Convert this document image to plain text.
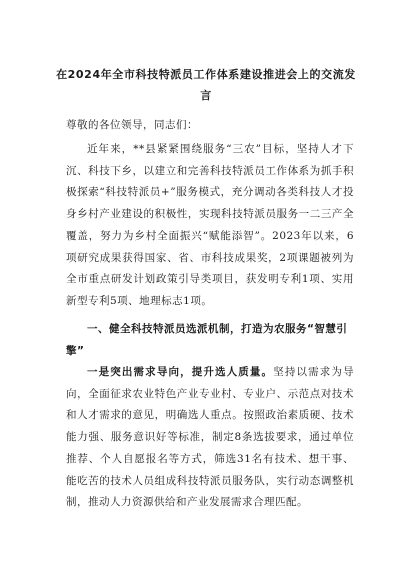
在2024年全市科技特派员工作体系建设推进会上的交流发言

尊敬的各位领导，同志们：

近年来，**县紧紧围绕服务“三农”目标，坚持人才下沉、科技下乡，以建立和完善科技特派员工作体系为抓手积极探索“科技特派员+”服务模式，充分调动各类科技人才投身乡村产业建设的积极性，实现科技特派员服务一二三产全覆盖，努力为乡村全面振兴“赋能添智”。2023年以来，6项研究成果获得国家、省、市科技成果奖，2项课题被列为全市重点研发计划政策引导类项目，获发明专利1项、实用新型专利5项、地理标志1项。

一、健全科技特派员选派机制，打造为农服务“智慧引擎”

一是突出需求导向，提升选人质量。坚持以需求为导向，全面征求农业特色产业专业村、专业户、示范点对技术和人才需求的意见，明确选人重点。按照政治素质硬、技术能力强、服务意识好等标准，制定8条选拔要求，通过单位推荐、个人自愿报名等方式，筛选31名有技术、想干事、能吃苦的技术人员组成科技特派员服务队，实行动态调整机制，推动人力资源供给和产业发展需求合理匹配。
